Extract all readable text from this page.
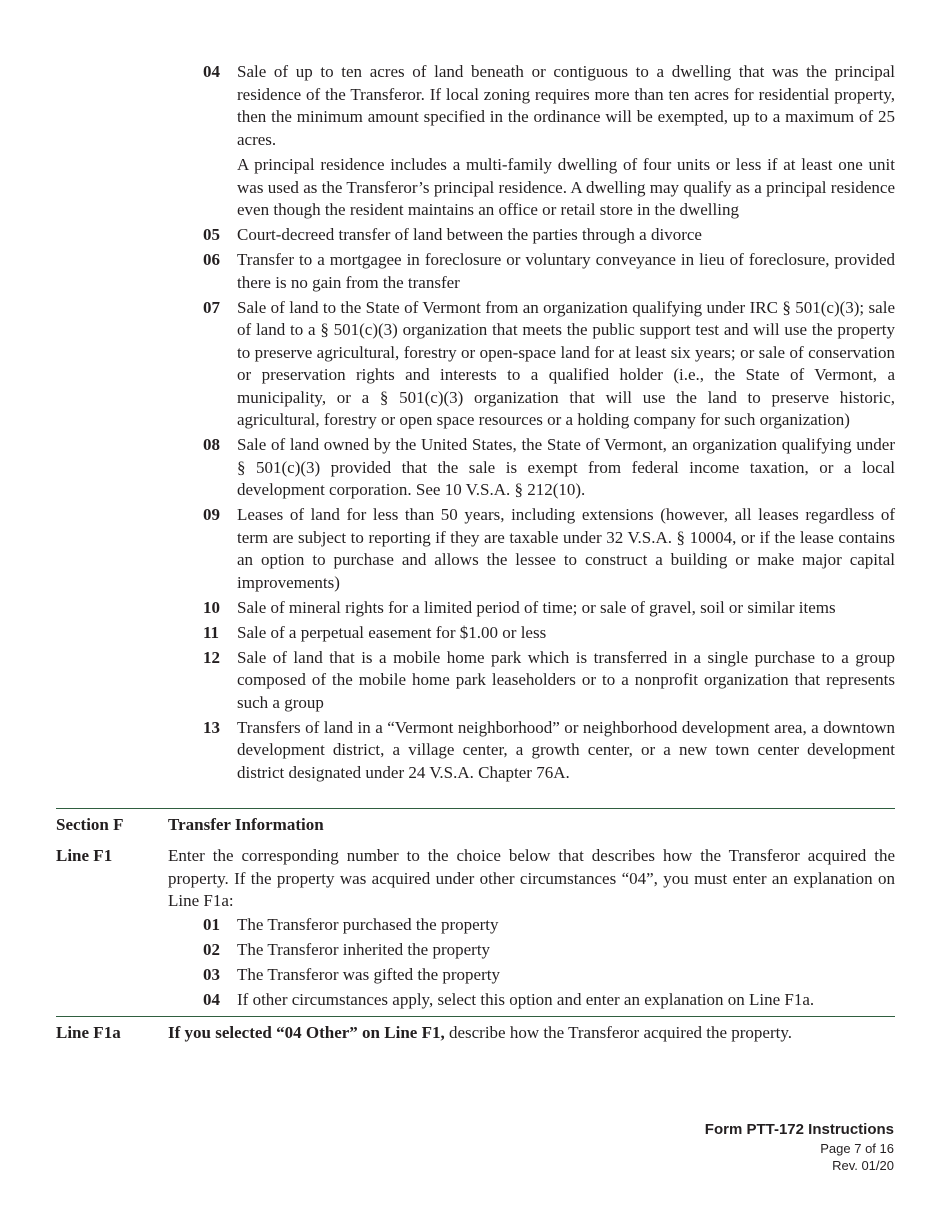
04	Sale of up to ten acres of land beneath or contiguous to a dwelling that was the principal residence of the Transferor. If local zoning requires more than ten acres for residential property, then the minimum amount specified in the ordinance will be exempted, up to a maximum of 25 acres.

A principal residence includes a multi-family dwelling of four units or less if at least one unit was used as the Transferor’s principal residence. A dwelling may qualify as a principal residence even though the resident maintains an office or retail store in the dwelling

05	Court-decreed transfer of land between the parties through a divorce

06	Transfer to a mortgagee in foreclosure or voluntary conveyance in lieu of foreclosure, provided there is no gain from the transfer

07	Sale of land to the State of Vermont from an organization qualifying under IRC § 501(c)(3); sale of land to a § 501(c)(3) organization that meets the public support test and will use the property to preserve agricultural, forestry or open-space land for at least six years; or sale of conservation or preservation rights and interests to a qualified holder (i.e., the State of Vermont, a municipality, or a § 501(c)(3) organization that will use the land to preserve historic, agricultural, forestry or open space resources or a holding company for such organization)

08	Sale of land owned by the United States, the State of Vermont, an organization qualifying under § 501(c)(3) provided that the sale is exempt from federal income taxation, or a local development corporation. See 10 V.S.A. § 212(10).

09	Leases of land for less than 50 years, including extensions (however, all leases regardless of term are subject to reporting if they are taxable under 32 V.S.A. § 10004, or if the lease contains an option to purchase and allows the lessee to construct a building or make major capital improvements)

10	Sale of mineral rights for a limited period of time; or sale of gravel, soil or similar items

11	Sale of a perpetual easement for $1.00 or less

12	Sale of land that is a mobile home park which is transferred in a single purchase to a group composed of the mobile home park leaseholders or to a nonprofit organization that represents such a group

13	Transfers of land in a “Vermont neighborhood” or neighborhood development area, a downtown development district, a village center, a growth center, or a new town center development district designated under 24 V.S.A. Chapter 76A.

Section F	Transfer Information
Line F1	Enter the corresponding number to the choice below that describes how the Transferor acquired the property. If the property was acquired under other circumstances “04”, you must enter an explanation on Line F1a:
01	The Transferor purchased the property
02	The Transferor inherited the property
03	The Transferor was gifted the property
04	If other circumstances apply, select this option and enter an explanation on Line F1a.
Line F1a	If you selected “04 Other” on Line F1, describe how the Transferor acquired the property.
Form PTT-172 Instructions
Page 7 of 16
Rev. 01/20
